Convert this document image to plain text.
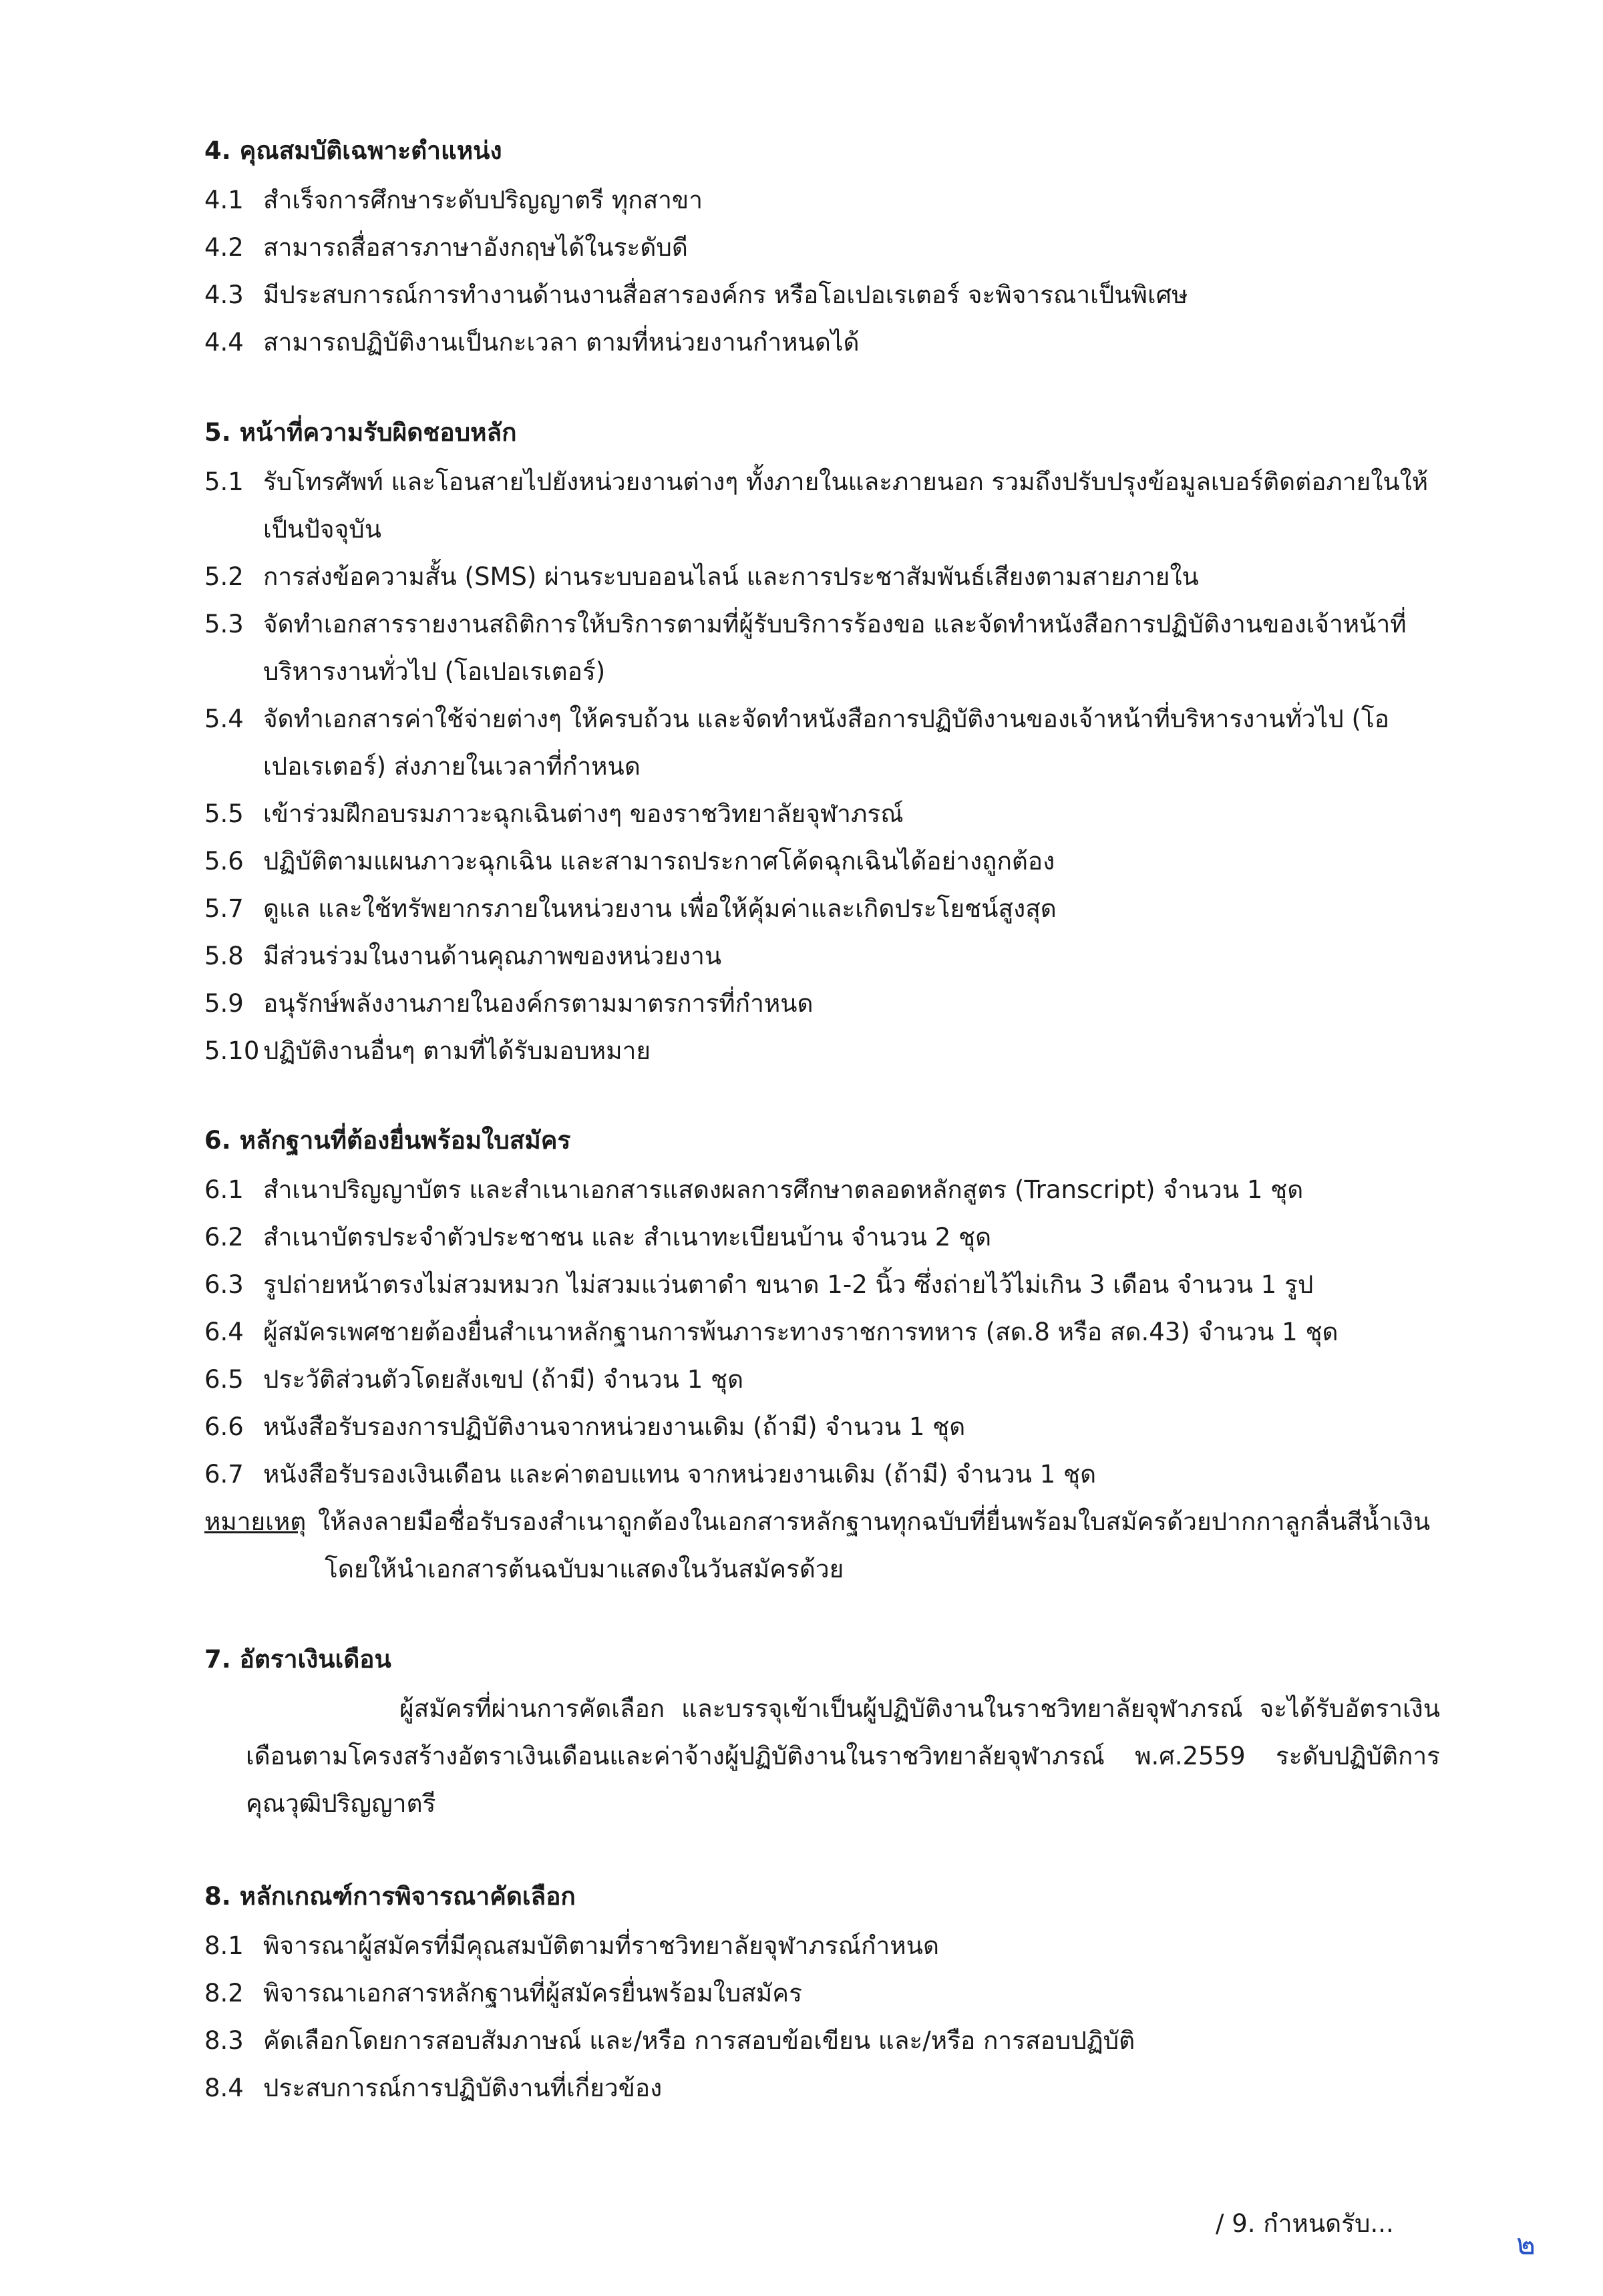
4. คุณสมบัติเฉพาะตำแหน่ง
4.1 สำเร็จการศึกษาระดับปริญญาตรี ทุกสาขา
4.2 สามารถสื่อสารภาษาอังกฤษได้ในระดับดี
4.3 มีประสบการณ์การทำงานด้านงานสื่อสารองค์กร หรือโอเปอเรเตอร์ จะพิจารณาเป็นพิเศษ
4.4 สามารถปฏิบัติงานเป็นกะเวลา ตามที่หน่วยงานกำหนดได้
5. หน้าที่ความรับผิดชอบหลัก
5.1 รับโทรศัพท์ และโอนสายไปยังหน่วยงานต่างๆ ทั้งภายในและภายนอก รวมถึงปรับปรุงข้อมูลเบอร์ติดต่อภายในให้เป็นปัจจุบัน
5.2 การส่งข้อความสั้น (SMS) ผ่านระบบออนไลน์ และการประชาสัมพันธ์เสียงตามสายภายใน
5.3 จัดทำเอกสารรายงานสถิติการให้บริการตามที่ผู้รับบริการร้องขอ และจัดทำหนังสือการปฏิบัติงานของเจ้าหน้าที่บริหารงานทั่วไป (โอเปอเรเตอร์)
5.4 จัดทำเอกสารค่าใช้จ่ายต่างๆ ให้ครบถ้วน และจัดทำหนังสือการปฏิบัติงานของเจ้าหน้าที่บริหารงานทั่วไป (โอเปอเรเตอร์) ส่งภายในเวลาที่กำหนด
5.5 เข้าร่วมฝึกอบรมภาวะฉุกเฉินต่างๆ ของราชวิทยาลัยจุฬาภรณ์
5.6 ปฏิบัติตามแผนภาวะฉุกเฉิน และสามารถประกาศโค้ดฉุกเฉินได้อย่างถูกต้อง
5.7 ดูแล และใช้ทรัพยากรภายในหน่วยงาน เพื่อให้คุ้มค่าและเกิดประโยชน์สูงสุด
5.8 มีส่วนร่วมในงานด้านคุณภาพของหน่วยงาน
5.9 อนุรักษ์พลังงานภายในองค์กรตามมาตรการที่กำหนด
5.10 ปฏิบัติงานอื่นๆ ตามที่ได้รับมอบหมาย
6. หลักฐานที่ต้องยื่นพร้อมใบสมัคร
6.1 สำเนาปริญญาบัตร และสำเนาเอกสารแสดงผลการศึกษาตลอดหลักสูตร (Transcript) จำนวน 1 ชุด
6.2 สำเนาบัตรประจำตัวประชาชน และ สำเนาทะเบียนบ้าน จำนวน 2 ชุด
6.3 รูปถ่ายหน้าตรงไม่สวมหมวก ไม่สวมแว่นตาดำ ขนาด 1-2 นิ้ว ซึ่งถ่ายไว้ไม่เกิน 3 เดือน จำนวน 1 รูป
6.4 ผู้สมัครเพศชายต้องยื่นสำเนาหลักฐานการพ้นภาระทางราชการทหาร (สด.8 หรือ สด.43) จำนวน 1 ชุด
6.5 ประวัติส่วนตัวโดยสังเขป (ถ้ามี) จำนวน 1 ชุด
6.6 หนังสือรับรองการปฏิบัติงานจากหน่วยงานเดิม (ถ้ามี) จำนวน 1 ชุด
6.7 หนังสือรับรองเงินเดือน และค่าตอบแทน จากหน่วยงานเดิม (ถ้ามี) จำนวน 1 ชุด
หมายเหตุ ให้ลงลายมือชื่อรับรองสำเนาถูกต้องในเอกสารหลักฐานทุกฉบับที่ยื่นพร้อมใบสมัครด้วยปากกาลูกลื่นสีน้ำเงิน โดยให้นำเอกสารต้นฉบับมาแสดงในวันสมัครด้วย
7. อัตราเงินเดือน
ผู้สมัครที่ผ่านการคัดเลือก และบรรจุเข้าเป็นผู้ปฏิบัติงานในราชวิทยาลัยจุฬาภรณ์ จะได้รับอัตราเงินเดือนตามโครงสร้างอัตราเงินเดือนและค่าจ้างผู้ปฏิบัติงานในราชวิทยาลัยจุฬาภรณ์ พ.ศ.2559 ระดับปฏิบัติการ คุณวุฒิปริญญาตรี
8. หลักเกณฑ์การพิจารณาคัดเลือก
8.1 พิจารณาผู้สมัครที่มีคุณสมบัติตามที่ราชวิทยาลัยจุฬาภรณ์กำหนด
8.2 พิจารณาเอกสารหลักฐานที่ผู้สมัครยื่นพร้อมใบสมัคร
8.3 คัดเลือกโดยการสอบสัมภาษณ์ และ/หรือ การสอบข้อเขียน และ/หรือ การสอบปฏิบัติ
8.4 ประสบการณ์การปฏิบัติงานที่เกี่ยวข้อง
/ 9. กำหนดรับ...
๒
